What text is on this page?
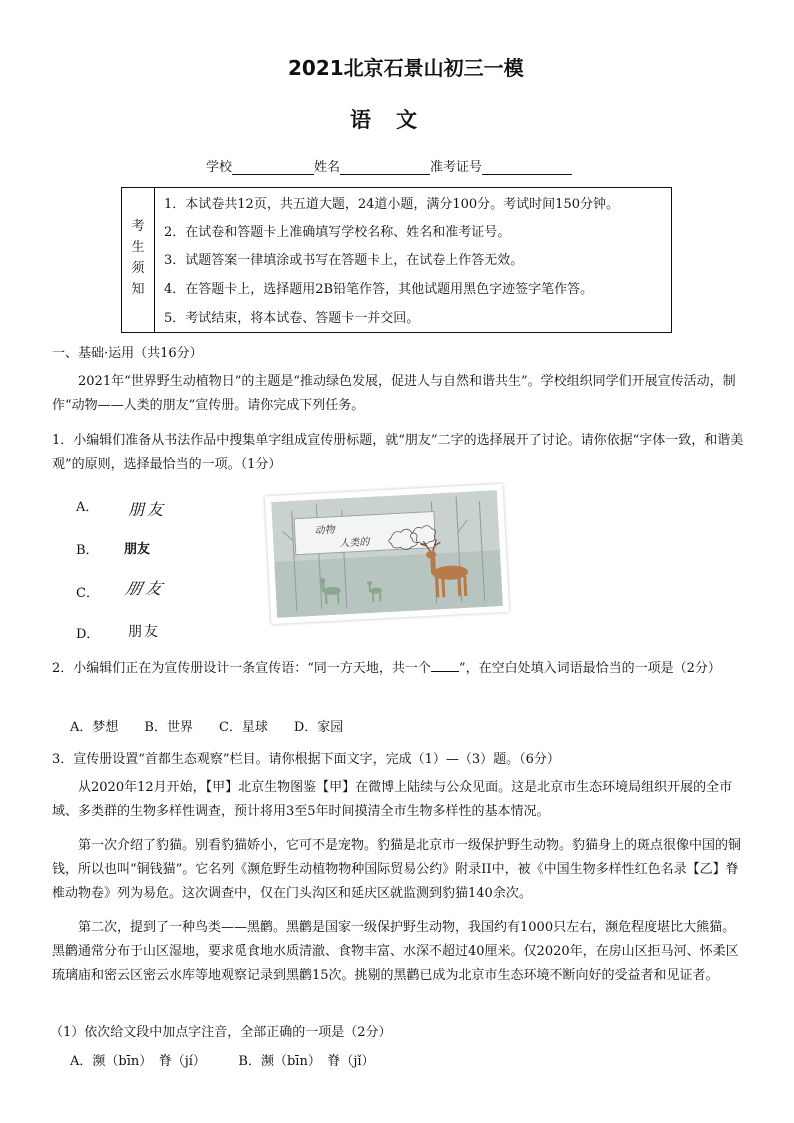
2021北京石景山初三一模
语　文
学校	姓名	准考证号
考
生
须
知
1．本试卷共12页，共五道大题，24道小题，满分100分。考试时间150分钟。
2．在试卷和答题卡上准确填写学校名称、姓名和准考证号。
3．试题答案一律填涂或书写在答题卡上，在试卷上作答无效。
4．在答题卡上，选择题用2B铅笔作答，其他试题用黑色字迹签字笔作答。
5．考试结束，将本试卷、答题卡一并交回。
一、基础·运用（共16分）
2021年“世界野生动植物日”的主题是“推动绿色发展，促进人与自然和谐共生”。学校组织同学们开展宣传活动，制作“动物——人类的朋友”宣传册。请你完成下列任务。
1．小编辑们准备从书法作品中搜集单字组成宣传册标题，就“朋友”二字的选择展开了讨论。请你依据“字体一致，和谐美观”的原则，选择最恰当的一项。（1分）
A． 朋友
B． 朋友
C． 朋友
D． 朋友
动物
人类的
2．小编辑们正在为宣传册设计一条宣传语：“同一方天地，共一个 ”，在空白处填入词语最恰当的一项是（2分）
A．梦想　　B．世界　　C．星球　　D．家园
3．宣传册设置“首都生态观察”栏目。请你根据下面文字，完成（1）—（3）题。（6分）
从2020年12月开始，【甲】北京生物图鉴【甲】在微博上陆续与公众见面。这是北京市生态环境局组织开展的全市域、多类群的生物多样性调查，预计将用3至5年时间摸清全市生物多样性的基本情况。
第一次介绍了豹猫。别看豹猫娇小，它可不是宠物。豹猫是北京市一级保护野生动物。豹猫身上的斑点很像中国的铜钱，所以也叫“铜钱猫”。它名列《濒危野生动植物物种国际贸易公约》附录II中，被《中国生物多样性红色名录【乙】脊椎动物卷》列为易危。这次调查中，仅在门头沟区和延庆区就监测到豹猫140余次。
第二次，提到了一种鸟类——黑鹳。黑鹳是国家一级保护野生动物，我国约有1000只左右，濒危程度堪比大熊猫。黑鹳通常分布于山区湿地，要求觅食地水质清澈、食物丰富、水深不超过40厘米。仅2020年，在房山区拒马河、怀柔区琉璃庙和密云区密云水库等地观察记录到黑鹳15次。挑剔的黑鹳已成为北京市生态环境不断向好的受益者和见证者。
（1）依次给文段中加点字注音，全部正确的一项是（2分）
A．濒（bīn）　脊（jí）　　　B．濒（bīn）　脊（jǐ）
